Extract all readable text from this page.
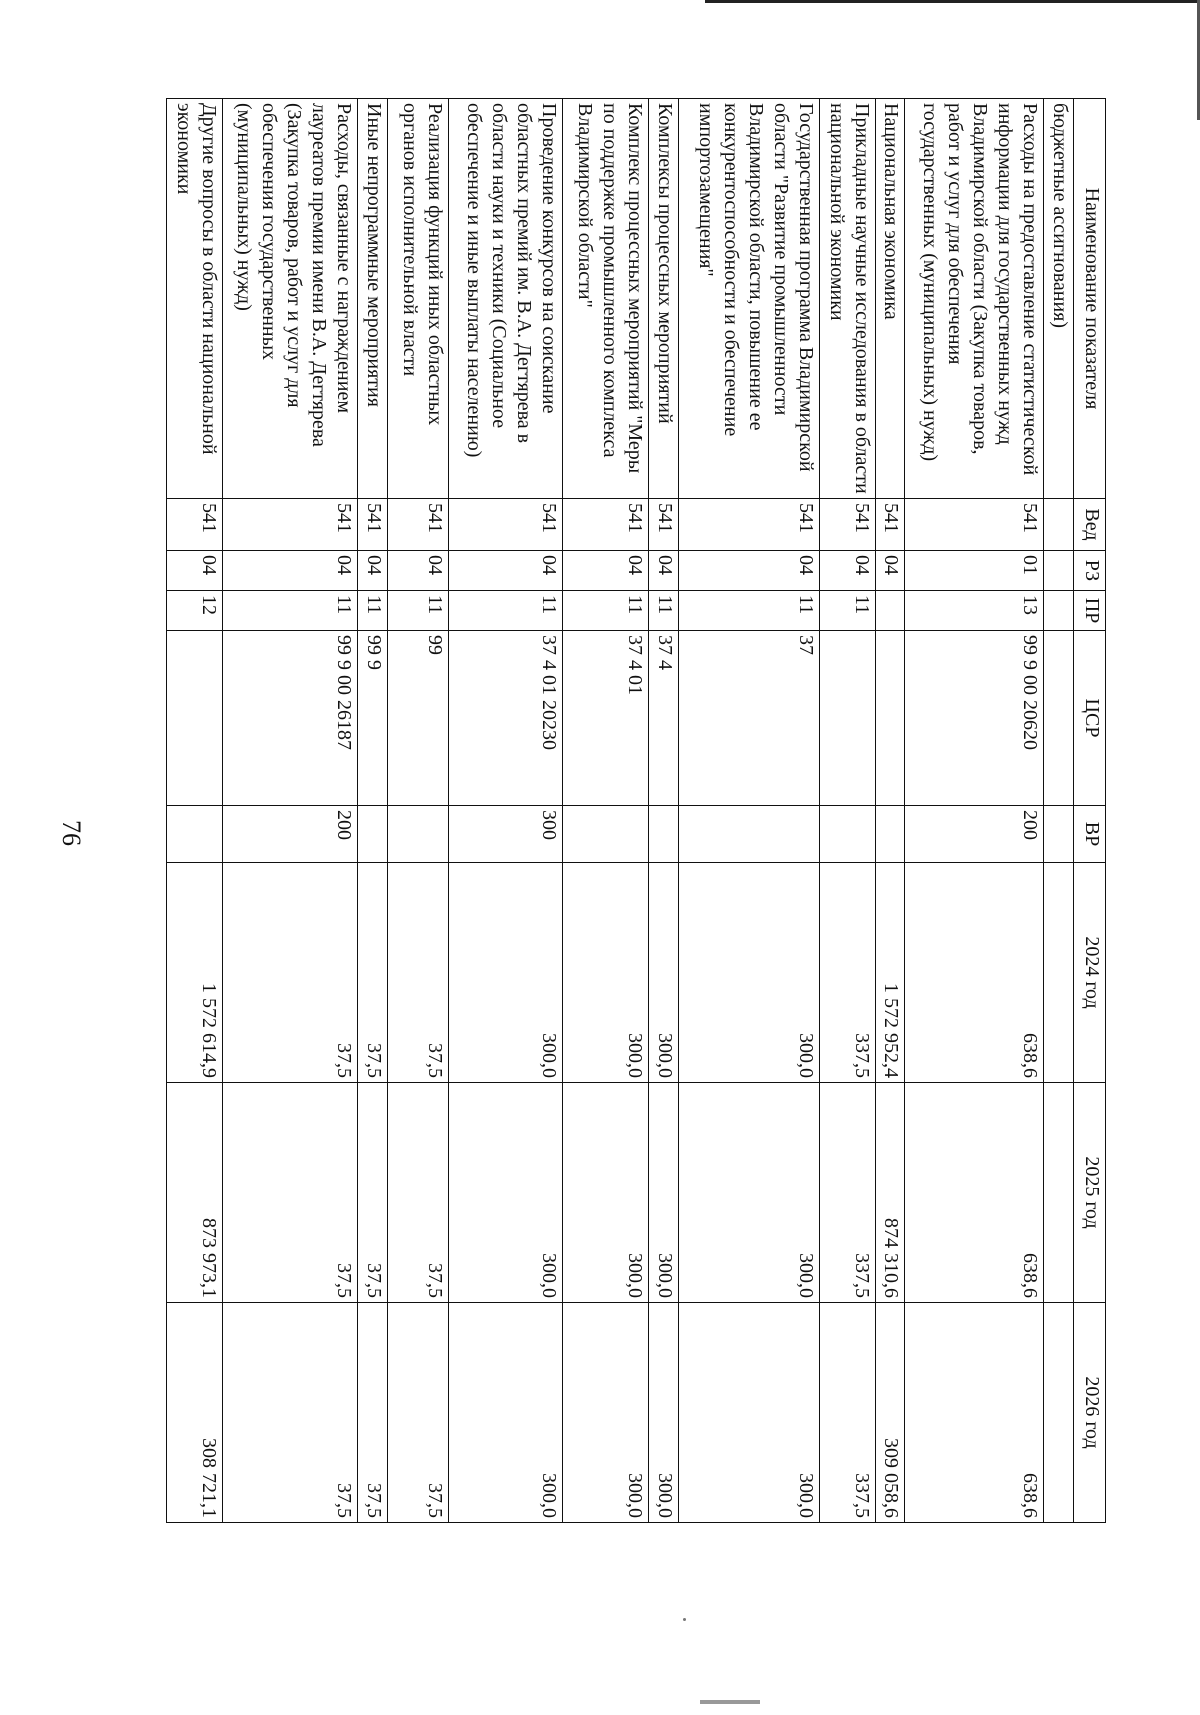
76
Наименование показателя	Вед	РЗ	ПР	ЦСР	ВР	2024 год	2025 год	2026 год
бюджетные ассигнования)								
Расходы на предоставление статистической информации для государственных нужд Владимирской области (Закупка товаров, работ и услуг для обеспечения государственных (муниципальных) нужд)	541	01	13	99 9 00 20620	200	638,6	638,6	638,6
Национальная экономика	541	04				1 572 952,4	874 310,6	309 058,6
Прикладные научные исследования в области национальной экономики	541	04	11			337,5	337,5	337,5
Государственная программа Владимирской области "Развитие промышленности Владимирской области, повышение ее конкурентоспособности и обеспечение импортозамещения"	541	04	11	37		300,0	300,0	300,0
Комплексы процессных мероприятий	541	04	11	37 4		300,0	300,0	300,0
Комплекс процессных мероприятий "Меры по поддержке промышленного комплекса Владимирской области"	541	04	11	37 4 01		300,0	300,0	300,0
Проведение конкурсов на соискание областных премий им. В.А. Дегтярева в области науки и техники (Социальное обеспечение и иные выплаты населению)	541	04	11	37 4 01 20230	300	300,0	300,0	300,0
Реализация функций иных областных органов исполнительной власти	541	04	11	99		37,5	37,5	37,5
Иные непрограммные мероприятия	541	04	11	99 9		37,5	37,5	37,5
Расходы, связанные с награждением лауреатов премии имени В.А. Дегтярева (Закупка товаров, работ и услуг для обеспечения государственных (муниципальных) нужд)	541	04	11	99 9 00 26187	200	37,5	37,5	37,5
Другие вопросы в области национальной экономики	541	04	12			1 572 614,9	873 973,1	308 721,1
